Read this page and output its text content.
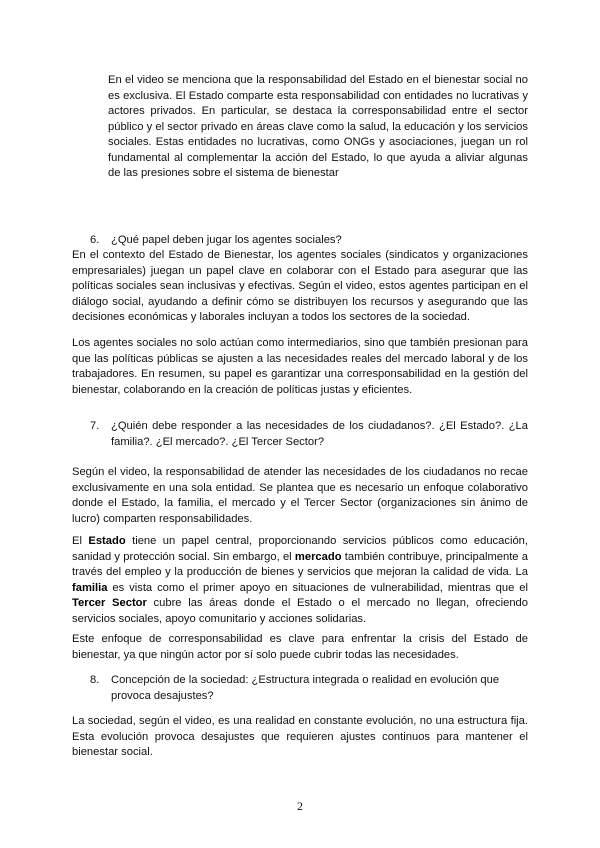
En el video se menciona que la responsabilidad del Estado en el bienestar social no es exclusiva. El Estado comparte esta responsabilidad con entidades no lucrativas y actores privados. En particular, se destaca la corresponsabilidad entre el sector público y el sector privado en áreas clave como la salud, la educación y los servicios sociales. Estas entidades no lucrativas, como ONGs y asociaciones, juegan un rol fundamental al complementar la acción del Estado, lo que ayuda a aliviar algunas de las presiones sobre el sistema de bienestar

6. ¿Qué papel deben jugar los agentes sociales?

En el contexto del Estado de Bienestar, los agentes sociales (sindicatos y organizaciones empresariales) juegan un papel clave en colaborar con el Estado para asegurar que las políticas sociales sean inclusivas y efectivas. Según el video, estos agentes participan en el diálogo social, ayudando a definir cómo se distribuyen los recursos y asegurando que las decisiones económicas y laborales incluyan a todos los sectores de la sociedad.

Los agentes sociales no solo actúan como intermediarios, sino que también presionan para que las políticas públicas se ajusten a las necesidades reales del mercado laboral y de los trabajadores. En resumen, su papel es garantizar una corresponsabilidad en la gestión del bienestar, colaborando en la creación de políticas justas y eficientes.

7. ¿Quién debe responder a las necesidades de los ciudadanos?. ¿El Estado?. ¿La
familia?. ¿El mercado?. ¿El Tercer Sector?

Según el video, la responsabilidad de atender las necesidades de los ciudadanos no recae exclusivamente en una sola entidad. Se plantea que es necesario un enfoque colaborativo donde el Estado, la familia, el mercado y el Tercer Sector (organizaciones sin ánimo de lucro) comparten responsabilidades.

El Estado tiene un papel central, proporcionando servicios públicos como educación, sanidad y protección social. Sin embargo, el mercado también contribuye, principalmente a través del empleo y la producción de bienes y servicios que mejoran la calidad de vida. La familia es vista como el primer apoyo en situaciones de vulnerabilidad, mientras que el Tercer Sector cubre las áreas donde el Estado o el mercado no llegan, ofreciendo servicios sociales, apoyo comunitario y acciones solidarias.

Este enfoque de corresponsabilidad es clave para enfrentar la crisis del Estado de bienestar, ya que ningún actor por sí solo puede cubrir todas las necesidades.

8. Concepción de la sociedad: ¿Estructura integrada o realidad en evolución que
provoca desajustes?

La sociedad, según el video, es una realidad en constante evolución, no una estructura fija. Esta evolución provoca desajustes que requieren ajustes continuos para mantener el bienestar social.

2
